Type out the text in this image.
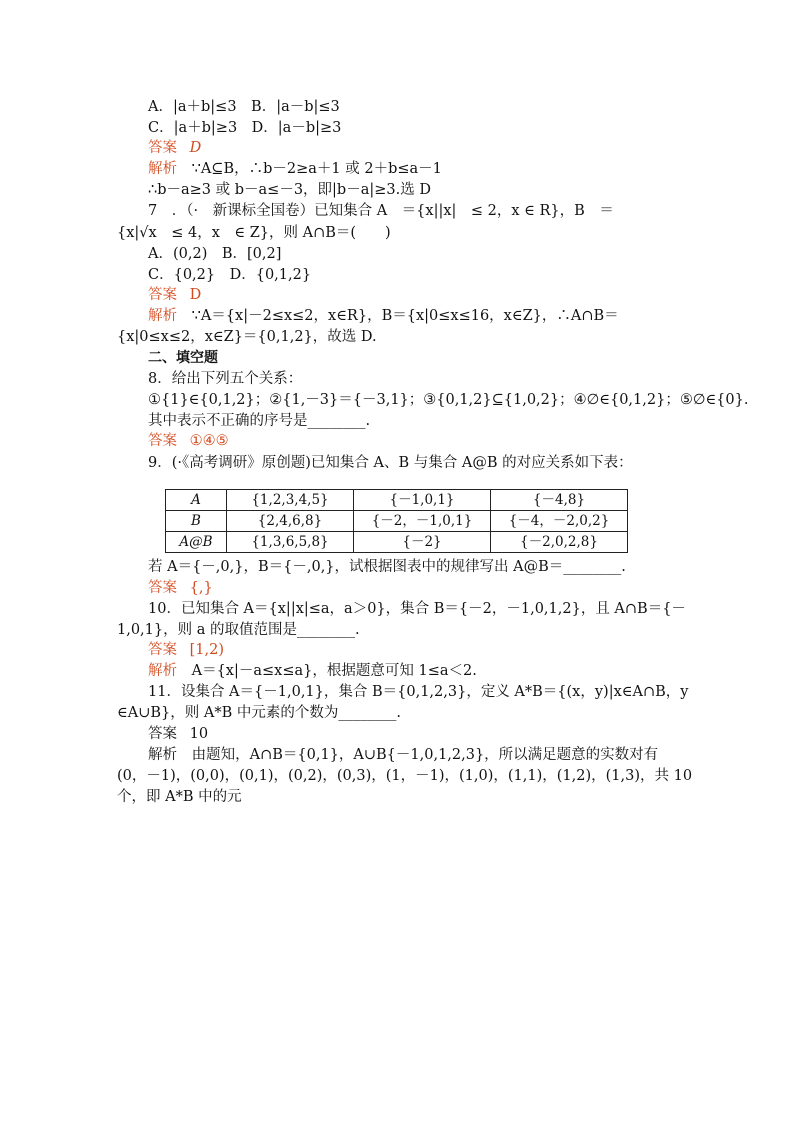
A．|a＋b|≤3　B．|a－b|≤3
C．|a＋b|≥3　D．|a－b|≥3
答案 D
解析 ∵A⊆B，∴b－2≥a＋1 或 2＋b≤a－1
∴b－a≥3 或 b－a≤－3，即|b－a|≥3.选 D
7　．（·　新课标全国卷）已知集合 A　＝{x||x|　≤ 2，x ∈ R}，B　＝
{x|√x　≤ 4，x　∈ Z}，则 A∩B＝(　　)
A．(0,2)　B．[0,2]
C．{0,2}　D．{0,1,2}
答案 D
解析 ∵A＝{x|－2≤x≤2，x∈R}，B＝{x|0≤x≤16，x∈Z}，∴A∩B＝
{x|0≤x≤2，x∈Z}＝{0,1,2}，故选 D.
二、填空题
8．给出下列五个关系：
①{1}∈{0,1,2}；②{1,－3}＝{－3,1}；③{0,1,2}⊆{1,0,2}；④∅∈{0,1,2}；⑤∅∈{0}.
其中表示不正确的序号是________.
答案 ①④⑤
9．(·《高考调研》原创题)已知集合 A、B 与集合 A@B 的对应关系如下表：
A	{1,2,3,4,5}	{－1,0,1}	{－4,8}
B	{2,4,6,8}	{－2，－1,0,1}	{－4，－2,0,2}
A@B	{1,3,6,5,8}	{－2}	{－2,0,2,8}
若 A＝{－,0,}，B＝{－,0,}，试根据图表中的规律写出 A@B＝________.
答案 {,}
10．已知集合 A＝{x||x|≤a，a＞0}，集合 B＝{－2，－1,0,1,2}，且 A∩B＝{－
1,0,1}，则 a 的取值范围是________.
答案 [1,2)
解析 A＝{x|－a≤x≤a}，根据题意可知 1≤a＜2.
11．设集合 A＝{－1,0,1}，集合 B＝{0,1,2,3}，定义 A*B＝{(x，y)|x∈A∩B，y
∈A∪B}，则 A*B 中元素的个数为________.
答案 10
解析 由题知，A∩B＝{0,1}，A∪B{－1,0,1,2,3}，所以满足题意的实数对有
(0，－1)，(0,0)，(0,1)，(0,2)，(0,3)，(1，－1)，(1,0)，(1,1)，(1,2)，(1,3)，共 10
个，即 A*B 中的元
